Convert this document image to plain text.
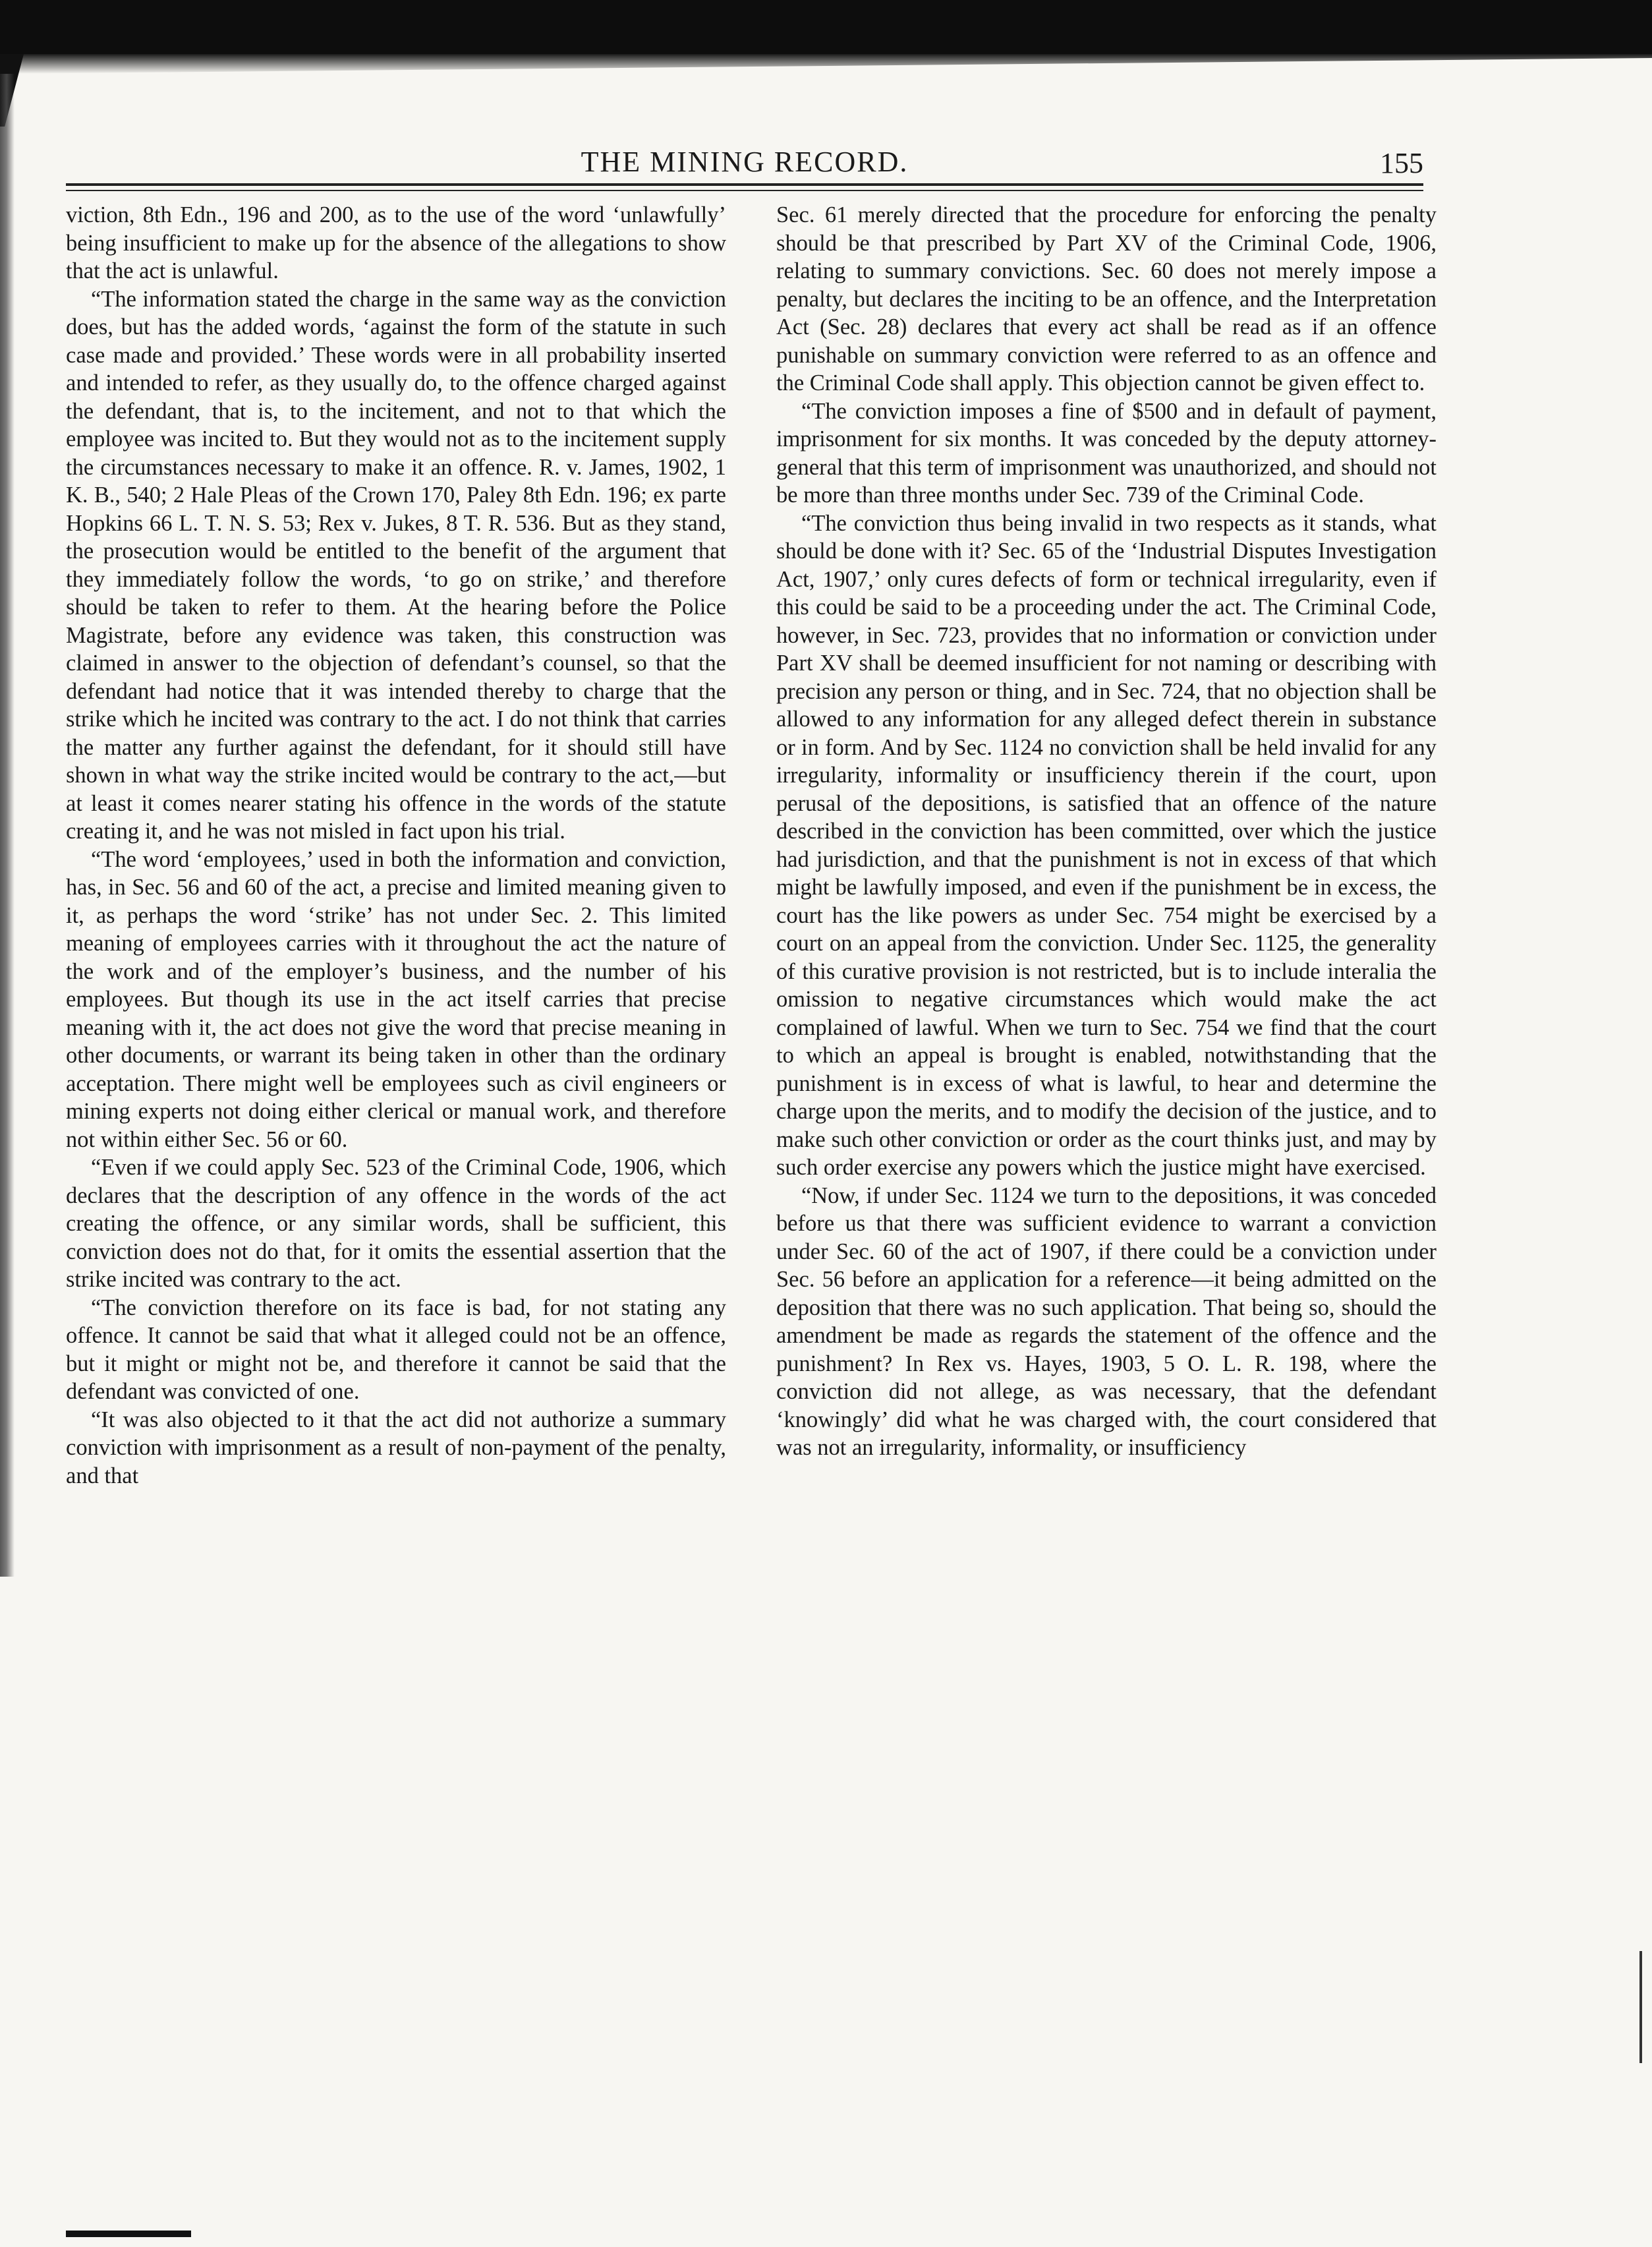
THE MINING RECORD.	155

viction, 8th Edn., 196 and 200, as to the use of the word ‘unlawfully’ being insufficient to make up for the absence of the allegations to show that the act is unlawful.

“The information stated the charge in the same way as the conviction does, but has the added words, ‘against the form of the statute in such case made and provided.’ These words were in all probability inserted and intended to refer, as they usually do, to the offence charged against the defendant, that is, to the incitement, and not to that which the employee was incited to. But they would not as to the incitement supply the circumstances necessary to make it an offence. R. v. James, 1902, 1 K. B., 540; 2 Hale Pleas of the Crown 170, Paley 8th Edn. 196; ex parte Hopkins 66 L. T. N. S. 53; Rex v. Jukes, 8 T. R. 536. But as they stand, the prosecution would be entitled to the benefit of the argument that they immediately follow the words, ‘to go on strike,’ and therefore should be taken to refer to them. At the hearing before the Police Magistrate, before any evidence was taken, this construction was claimed in answer to the objection of defendant’s counsel, so that the defendant had notice that it was intended thereby to charge that the strike which he incited was contrary to the act. I do not think that carries the matter any further against the defendant, for it should still have shown in what way the strike incited would be contrary to the act,—but at least it comes nearer stating his offence in the words of the statute creating it, and he was not misled in fact upon his trial.

“The word ‘employees,’ used in both the information and conviction, has, in Sec. 56 and 60 of the act, a precise and limited meaning given to it, as perhaps the word ‘strike’ has not under Sec. 2. This limited meaning of employees carries with it throughout the act the nature of the work and of the employer’s business, and the number of his employees. But though its use in the act itself carries that precise meaning with it, the act does not give the word that precise meaning in other documents, or warrant its being taken in other than the ordinary acceptation. There might well be employees such as civil engineers or mining experts not doing either clerical or manual work, and therefore not within either Sec. 56 or 60.

“Even if we could apply Sec. 523 of the Criminal Code, 1906, which declares that the description of any offence in the words of the act creating the offence, or any similar words, shall be sufficient, this conviction does not do that, for it omits the essential assertion that the strike incited was contrary to the act.

“The conviction therefore on its face is bad, for not stating any offence. It cannot be said that what it alleged could not be an offence, but it might or might not be, and therefore it cannot be said that the defendant was convicted of one.

“It was also objected to it that the act did not authorize a summary conviction with imprisonment as a result of non-payment of the penalty, and that

Sec. 61 merely directed that the procedure for enforcing the penalty should be that prescribed by Part XV of the Criminal Code, 1906, relating to summary convictions. Sec. 60 does not merely impose a penalty, but declares the inciting to be an offence, and the Interpretation Act (Sec. 28) declares that every act shall be read as if an offence punishable on summary conviction were referred to as an offence and the Criminal Code shall apply. This objection cannot be given effect to.

“The conviction imposes a fine of $500 and in default of payment, imprisonment for six months. It was conceded by the deputy attorney-general that this term of imprisonment was unauthorized, and should not be more than three months under Sec. 739 of the Criminal Code.

“The conviction thus being invalid in two respects as it stands, what should be done with it? Sec. 65 of the ‘Industrial Disputes Investigation Act, 1907,’ only cures defects of form or technical irregularity, even if this could be said to be a proceeding under the act. The Criminal Code, however, in Sec. 723, provides that no information or conviction under Part XV shall be deemed insufficient for not naming or describing with precision any person or thing, and in Sec. 724, that no objection shall be allowed to any information for any alleged defect therein in substance or in form. And by Sec. 1124 no conviction shall be held invalid for any irregularity, informality or insufficiency therein if the court, upon perusal of the depositions, is satisfied that an offence of the nature described in the conviction has been committed, over which the justice had jurisdiction, and that the punishment is not in excess of that which might be lawfully imposed, and even if the punishment be in excess, the court has the like powers as under Sec. 754 might be exercised by a court on an appeal from the conviction. Under Sec. 1125, the generality of this curative provision is not restricted, but is to include interalia the omission to negative circumstances which would make the act complained of lawful. When we turn to Sec. 754 we find that the court to which an appeal is brought is enabled, notwithstanding that the punishment is in excess of what is lawful, to hear and determine the charge upon the merits, and to modify the decision of the justice, and to make such other conviction or order as the court thinks just, and may by such order exercise any powers which the justice might have exercised.

“Now, if under Sec. 1124 we turn to the depositions, it was conceded before us that there was sufficient evidence to warrant a conviction under Sec. 60 of the act of 1907, if there could be a conviction under Sec. 56 before an application for a reference—it being admitted on the deposition that there was no such application. That being so, should the amendment be made as regards the statement of the offence and the punishment? In Rex vs. Hayes, 1903, 5 O. L. R. 198, where the conviction did not allege, as was necessary, that the defendant ‘knowingly’ did what he was charged with, the court considered that was not an irregularity, informality, or insufficiency
